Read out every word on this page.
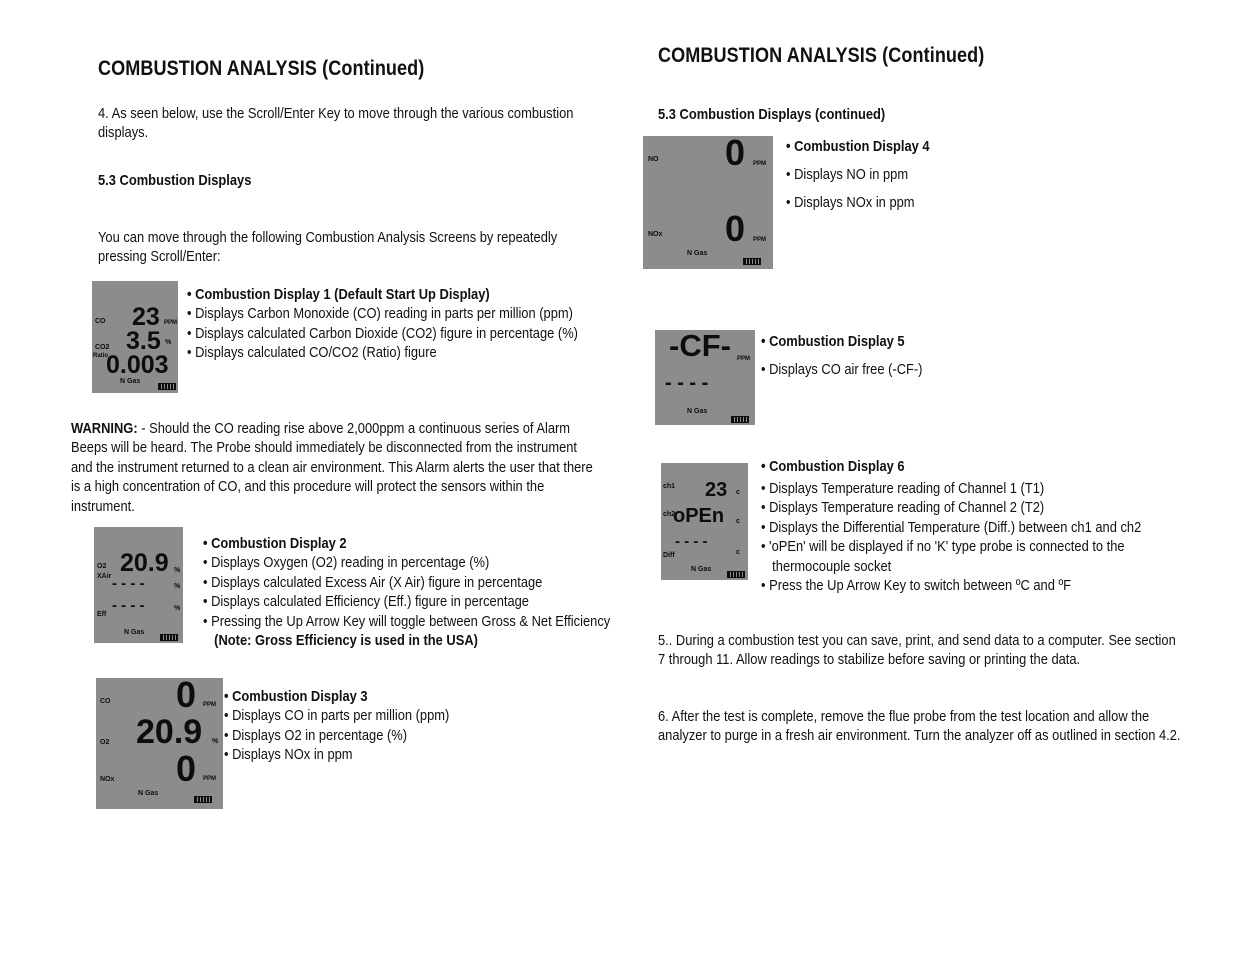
COMBUSTION ANALYSIS (Continued)
4. As seen below, use the Scroll/Enter Key to move through the various combustion displays.
5.3 Combustion Displays
You can move through the following Combustion Analysis Screens by repeatedly pressing Scroll/Enter:
CO
CO2
Ratio
23 PPM
3.5 %
0.003
N Gas
• Combustion Display 1 (Default Start Up Display)
• Displays Carbon Monoxide (CO) reading in parts per million (ppm)
• Displays calculated Carbon Dioxide (CO2) figure in percentage (%)
• Displays calculated CO/CO2 (Ratio) figure
WARNING: - Should the CO reading rise above 2,000ppm a continuous series of Alarm Beeps will be heard. The Probe should immediately be disconnected from the instrument and the instrument returned to a clean air environment. This Alarm alerts the user that there is a high concentration of CO, and this procedure will protect the sensors within the instrument.
O2
XAir
Eff
20.9 %
- - - -	%
- - - -	%
N Gas
• Combustion Display 2
• Displays Oxygen (O2) reading in percentage (%)
• Displays calculated Excess Air (X Air) figure in percentage
• Displays calculated Efficiency (Eff.) figure in percentage
• Pressing the Up Arrow Key will toggle between Gross & Net Efficiency (Note: Gross Efficiency is used in the USA)
CO
O2
NOx
0 PPM
20.9 %
0 PPM
N Gas
• Combustion Display 3
• Displays CO in parts per million (ppm)
• Displays O2 in percentage (%)
• Displays NOx in ppm
COMBUSTION ANALYSIS (Continued)
5.3 Combustion Displays (continued)
NO
NOx
0 PPM
0 PPM
N Gas
• Combustion Display 4
• Displays NO in ppm
• Displays NOx in ppm
-CF- PPM
- - - -
N Gas
• Combustion Display 5
• Displays CO air free (-CF-)
ch1
ch2
Diff
23 c
oPEn c
- - - -
c
N Gas
• Combustion Display 6
• Displays Temperature reading of Channel 1 (T1)
• Displays Temperature reading of Channel 2 (T2)
• Displays the Differential Temperature (Diff.) between ch1 and ch2
• 'oPEn' will be displayed if no 'K' type probe is connected to the thermocouple socket
• Press the Up Arrow Key to switch between ºC and ºF
5.. During a combustion test you can save, print, and send data to a computer. See section 7 through 11. Allow readings to stabilize before saving or printing the data.
6. After the test is complete, remove the flue probe from the test location and allow the analyzer to purge in a fresh air environment. Turn the analyzer off as outlined in section 4.2.
